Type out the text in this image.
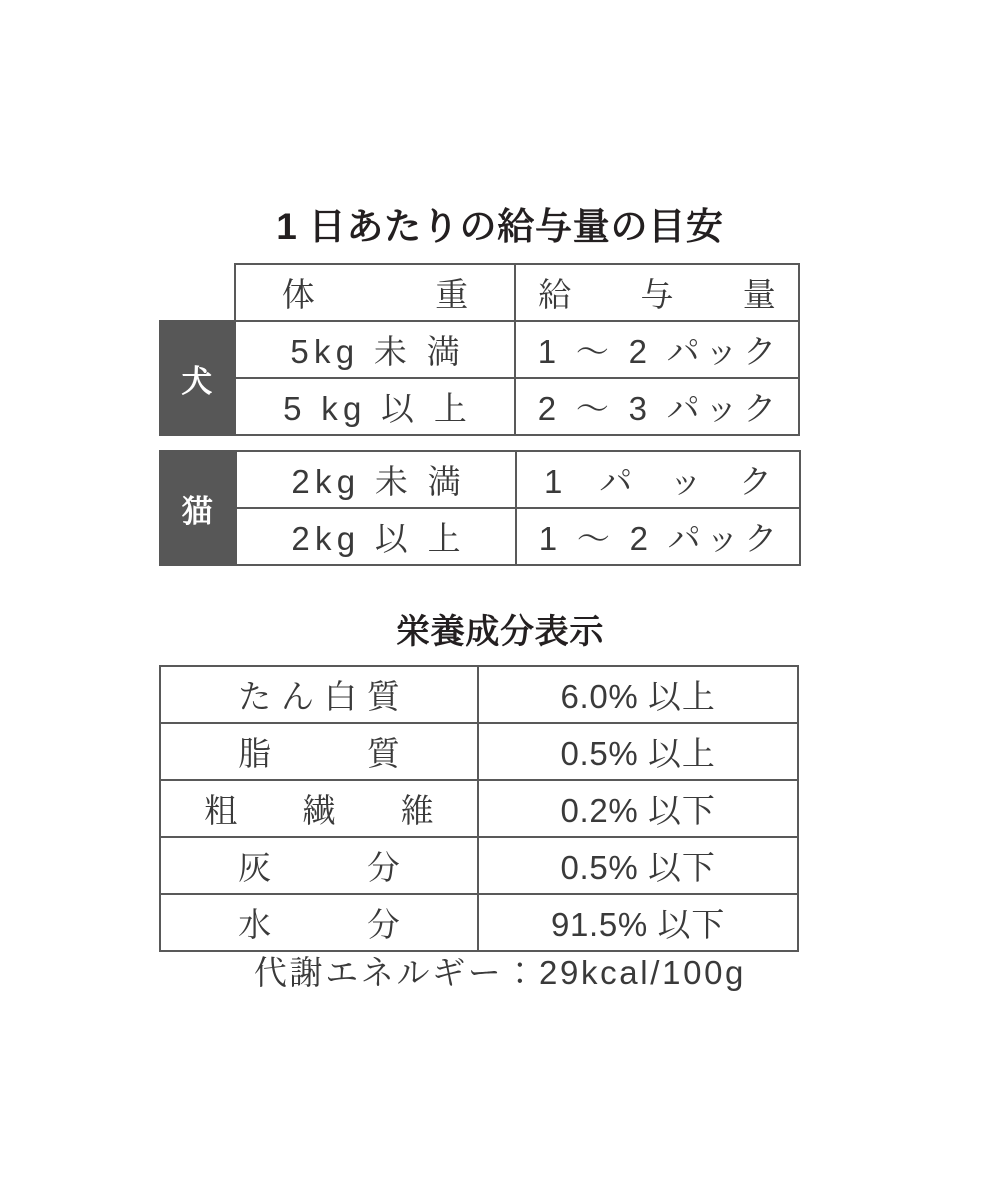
1 日あたりの給与量の目安
	体　　重	給　与　量
犬	5kg 未 満	1 〜 2 パック
	5 kg 以 上	2 〜 3 パック
猫	2kg 未 満	1 パ ッ ク
	2kg 以 上	1 〜 2 パック
栄養成分表示
たん白質	6.0% 以上
脂　　質	0.5% 以上
粗 繊 維	0.2% 以下
灰　　分	0.5% 以下
水　　分	91.5% 以下
代謝エネルギー：29kcal/100g
